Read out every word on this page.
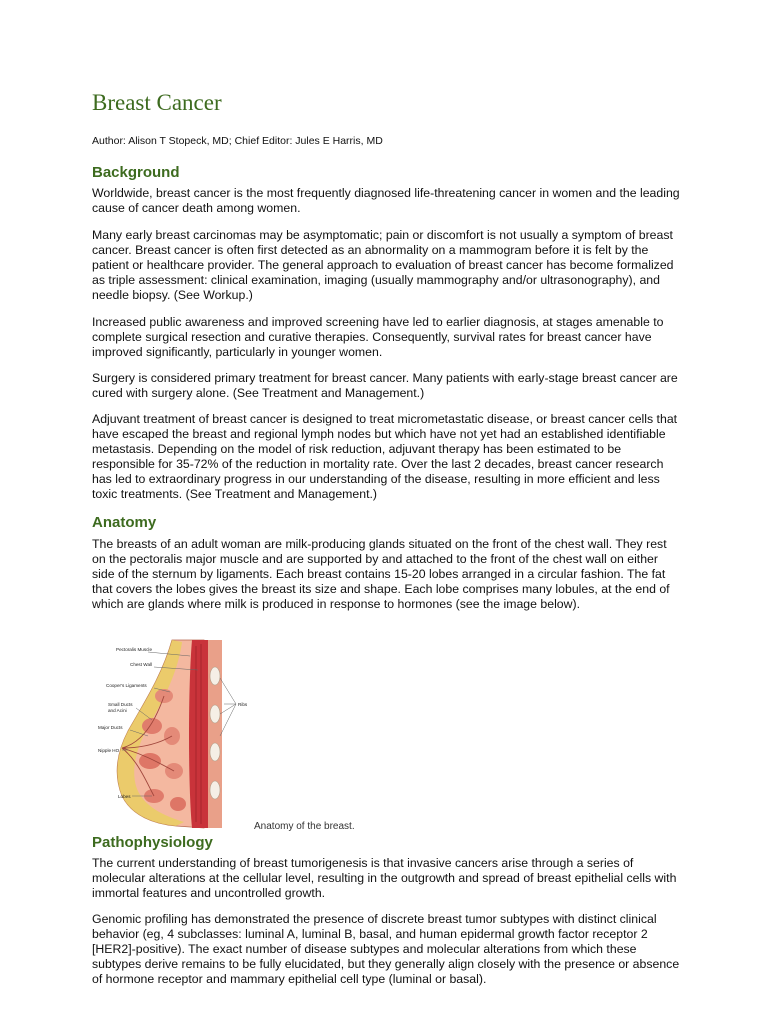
Breast Cancer

Author: Alison T Stopeck, MD; Chief Editor: Jules E Harris, MD

Background

Worldwide, breast cancer is the most frequently diagnosed life-threatening cancer in women and the leading cause of cancer death among women.

Many early breast carcinomas may be asymptomatic; pain or discomfort is not usually a symptom of breast cancer. Breast cancer is often first detected as an abnormality on a mammogram before it is felt by the patient or healthcare provider. The general approach to evaluation of breast cancer has become formalized as triple assessment: clinical examination, imaging (usually mammography and/or ultrasonography), and needle biopsy. (See Workup.)

Increased public awareness and improved screening have led to earlier diagnosis, at stages amenable to complete surgical resection and curative therapies. Consequently, survival rates for breast cancer have improved significantly, particularly in younger women.

Surgery is considered primary treatment for breast cancer. Many patients with early-stage breast cancer are cured with surgery alone. (See Treatment and Management.)

Adjuvant treatment of breast cancer is designed to treat micrometastatic disease, or breast cancer cells that have escaped the breast and regional lymph nodes but which have not yet had an established identifiable metastasis. Depending on the model of risk reduction, adjuvant therapy has been estimated to be responsible for 35-72% of the reduction in mortality rate. Over the last 2 decades, breast cancer research has led to extraordinary progress in our understanding of the disease, resulting in more efficient and less toxic treatments. (See Treatment and Management.)

Anatomy

The breasts of an adult woman are milk-producing glands situated on the front of the chest wall. They rest on the pectoralis major muscle and are supported by and attached to the front of the chest wall on either side of the sternum by ligaments. Each breast contains 15-20 lobes arranged in a circular fashion. The fat that covers the lobes gives the breast its size and shape. Each lobe comprises many lobules, at the end of which are glands where milk is produced in response to hormones (see the image below).

Pectoralis Muscle
Chest Wall
Cooper's Ligaments
Small Ducts
and Acini
Ribs
Major Ducts
Nipple HO
Lobes

Anatomy of the breast.

Pathophysiology

The current understanding of breast tumorigenesis is that invasive cancers arise through a series of molecular alterations at the cellular level, resulting in the outgrowth and spread of breast epithelial cells with immortal features and uncontrolled growth.

Genomic profiling has demonstrated the presence of discrete breast tumor subtypes with distinct clinical behavior (eg, 4 subclasses: luminal A, luminal B, basal, and human epidermal growth factor receptor 2 [HER2]-positive). The exact number of disease subtypes and molecular alterations from which these subtypes derive remains to be fully elucidated, but they generally align closely with the presence or absence of hormone receptor and mammary epithelial cell type (luminal or basal).
